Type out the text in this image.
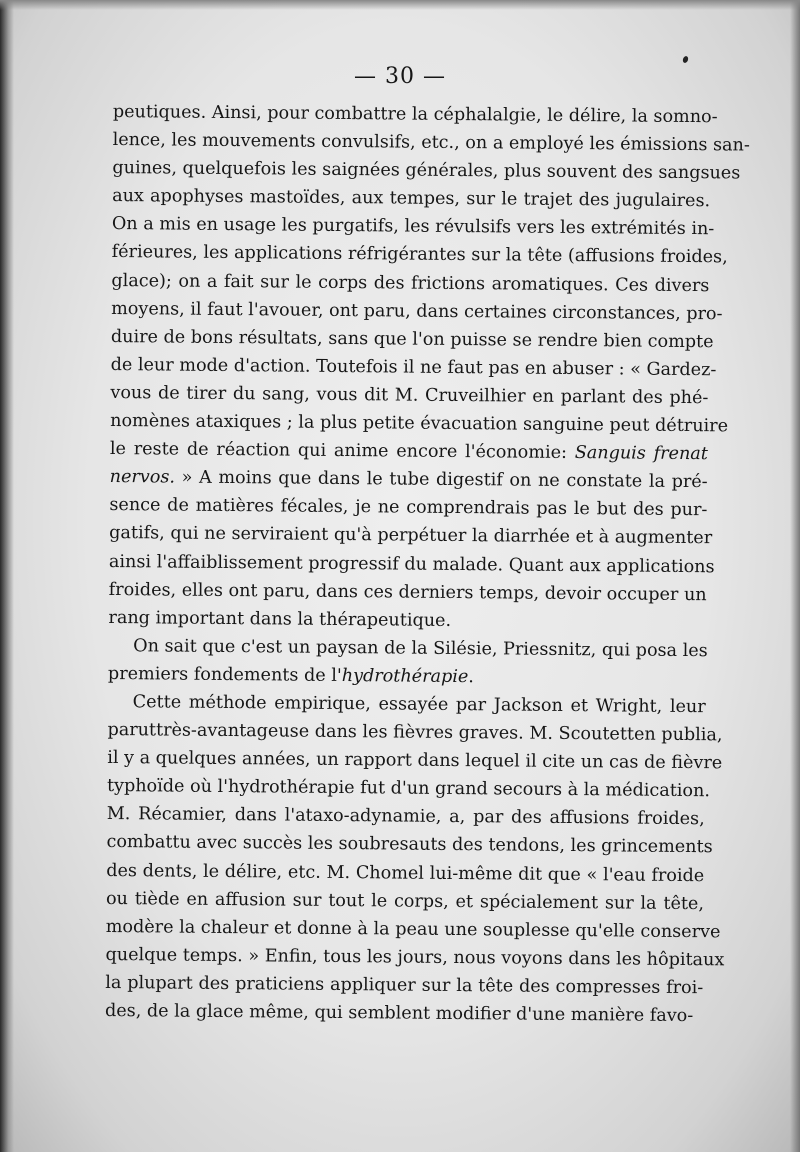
— 30 —
peutiques. Ainsi, pour combattre la céphalalgie, le délire, la somno-
lence, les mouvements convulsifs, etc., on a employé les émissions san-
guines, quelquefois les saignées générales, plus souvent des sangsues
aux apophyses mastoïdes, aux tempes, sur le trajet des jugulaires.
On a mis en usage les purgatifs, les révulsifs vers les extrémités in-
férieures, les applications réfrigérantes sur la tête (affusions froides,
glace); on a fait sur le corps des frictions aromatiques. Ces divers
moyens, il faut l'avouer, ont paru, dans certaines circonstances, pro-
duire de bons résultats, sans que l'on puisse se rendre bien compte
de leur mode d'action. Toutefois il ne faut pas en abuser : « Gardez-
vous de tirer du sang, vous dit M. Cruveilhier en parlant des phé-
nomènes ataxiques ; la plus petite évacuation sanguine peut détruire
le reste de réaction qui anime encore l'économie: Sanguis frenat
nervos. » A moins que dans le tube digestif on ne constate la pré-
sence de matières fécales, je ne comprendrais pas le but des pur-
gatifs, qui ne serviraient qu'à perpétuer la diarrhée et à augmenter
ainsi l'affaiblissement progressif du malade. Quant aux applications
froides, elles ont paru, dans ces derniers temps, devoir occuper un
rang important dans la thérapeutique.
On sait que c'est un paysan de la Silésie, Priessnitz, qui posa les
premiers fondements de l'hydrothérapie.
Cette méthode empirique, essayée par Jackson et Wright, leur
paruttrès-avantageuse dans les fièvres graves. M. Scoutetten publia,
il y a quelques années, un rapport dans lequel il cite un cas de fièvre
typhoïde où l'hydrothérapie fut d'un grand secours à la médication.
M. Récamier, dans l'ataxo-adynamie, a, par des affusions froides,
combattu avec succès les soubresauts des tendons, les grincements
des dents, le délire, etc. M. Chomel lui-même dit que « l'eau froide
ou tiède en affusion sur tout le corps, et spécialement sur la tête,
modère la chaleur et donne à la peau une souplesse qu'elle conserve
quelque temps. » Enfin, tous les jours, nous voyons dans les hôpitaux
la plupart des praticiens appliquer sur la tête des compresses froi-
des, de la glace même, qui semblent modifier d'une manière favo-
